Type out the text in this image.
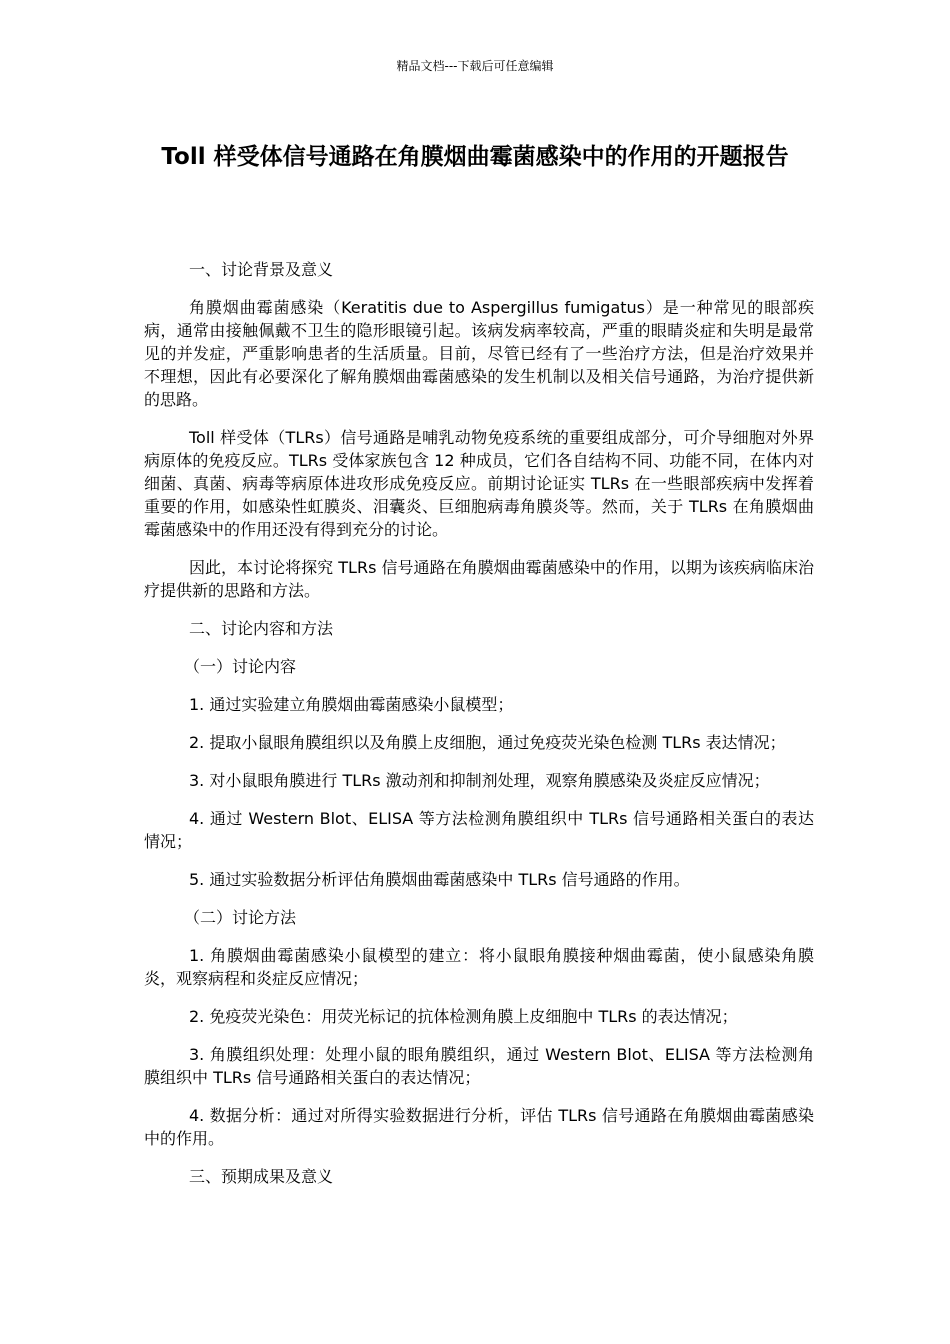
精品文档---下载后可任意编辑
Toll 样受体信号通路在角膜烟曲霉菌感染中的作用的开题报告

一、讨论背景及意义

角膜烟曲霉菌感染（Keratitis due to Aspergillus fumigatus）是一种常见的眼部疾病，通常由接触佩戴不卫生的隐形眼镜引起。该病发病率较高，严重的眼睛炎症和失明是最常见的并发症，严重影响患者的生活质量。目前，尽管已经有了一些治疗方法，但是治疗效果并不理想，因此有必要深化了解角膜烟曲霉菌感染的发生机制以及相关信号通路，为治疗提供新的思路。

Toll 样受体（TLRs）信号通路是哺乳动物免疫系统的重要组成部分，可介导细胞对外界病原体的免疫反应。TLRs 受体家族包含 12 种成员，它们各自结构不同、功能不同，在体内对细菌、真菌、病毒等病原体进攻形成免疫反应。前期讨论证实 TLRs 在一些眼部疾病中发挥着重要的作用，如感染性虹膜炎、泪囊炎、巨细胞病毒角膜炎等。然而，关于 TLRs 在角膜烟曲霉菌感染中的作用还没有得到充分的讨论。

因此，本讨论将探究 TLRs 信号通路在角膜烟曲霉菌感染中的作用，以期为该疾病临床治疗提供新的思路和方法。

二、讨论内容和方法

（一）讨论内容

1. 通过实验建立角膜烟曲霉菌感染小鼠模型；

2. 提取小鼠眼角膜组织以及角膜上皮细胞，通过免疫荧光染色检测 TLRs 表达情况；

3. 对小鼠眼角膜进行 TLRs 激动剂和抑制剂处理，观察角膜感染及炎症反应情况；

4. 通过 Western Blot、ELISA 等方法检测角膜组织中 TLRs 信号通路相关蛋白的表达情况；

5. 通过实验数据分析评估角膜烟曲霉菌感染中 TLRs 信号通路的作用。

（二）讨论方法

1. 角膜烟曲霉菌感染小鼠模型的建立：将小鼠眼角膜接种烟曲霉菌，使小鼠感染角膜炎，观察病程和炎症反应情况；

2. 免疫荧光染色：用荧光标记的抗体检测角膜上皮细胞中 TLRs 的表达情况；

3. 角膜组织处理：处理小鼠的眼角膜组织，通过 Western Blot、ELISA 等方法检测角膜组织中 TLRs 信号通路相关蛋白的表达情况；

4. 数据分析：通过对所得实验数据进行分析，评估 TLRs 信号通路在角膜烟曲霉菌感染中的作用。

三、预期成果及意义
